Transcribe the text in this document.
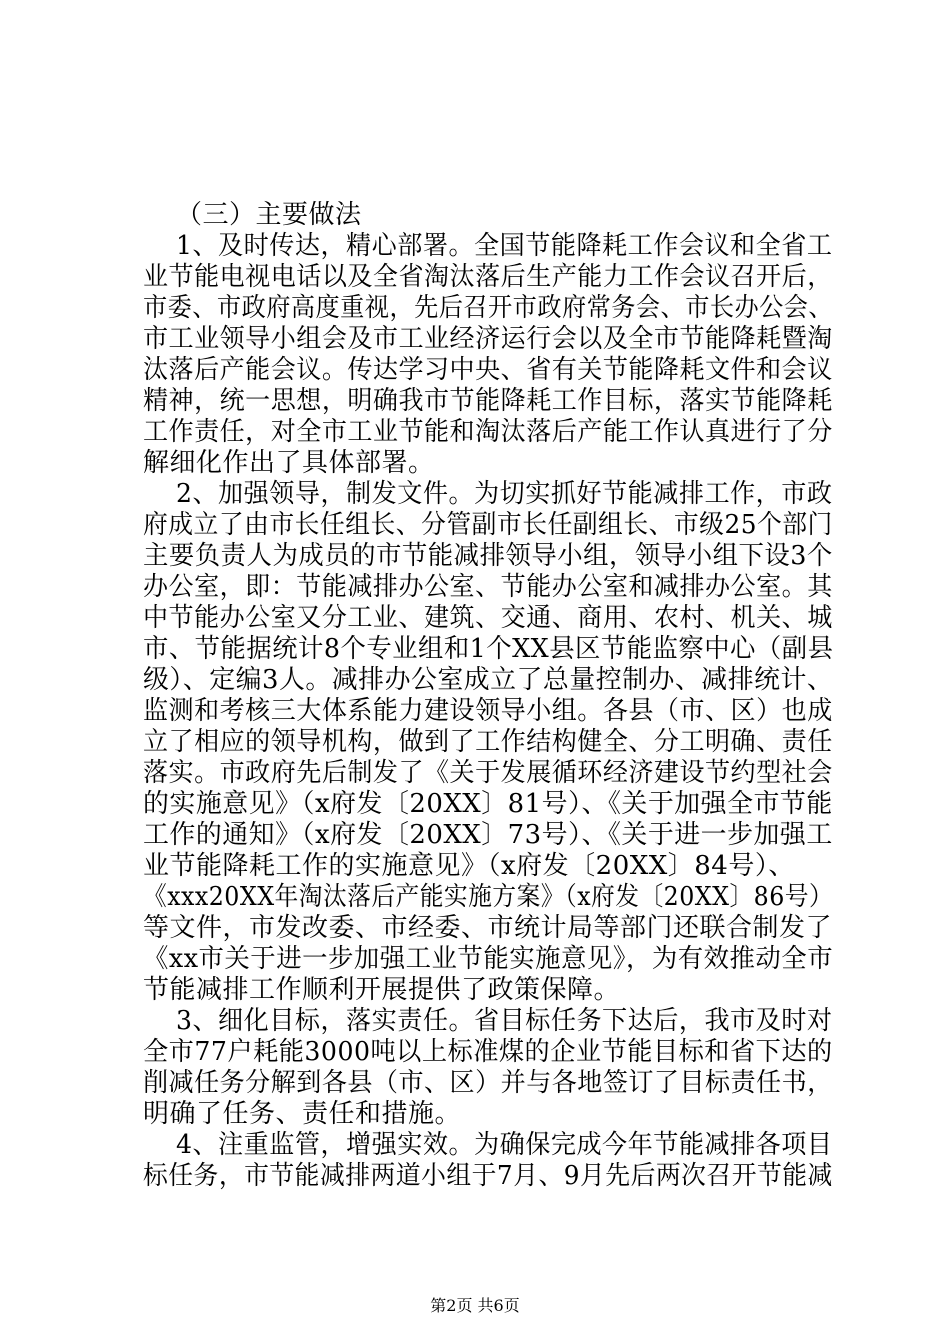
（三）主要做法
1、及时传达，精心部署。全国节能降耗工作会议和全省工
业节能电视电话以及全省淘汰落后生产能力工作会议召开后，
市委、市政府高度重视，先后召开市政府常务会、市长办公会、
市工业领导小组会及市工业经济运行会以及全市节能降耗暨淘
汰落后产能会议。传达学习中央、省有关节能降耗文件和会议
精神，统一思想，明确我市节能降耗工作目标，落实节能降耗
工作责任，对全市工业节能和淘汰落后产能工作认真进行了分
解细化作出了具体部署。
2、加强领导，制发文件。为切实抓好节能减排工作，市政
府成立了由市长任组长、分管副市长任副组长、市级25个部门
主要负责人为成员的市节能减排领导小组，领导小组下设3个
办公室，即：节能减排办公室、节能办公室和减排办公室。其
中节能办公室又分工业、建筑、交通、商用、农村、机关、城
市、节能据统计8个专业组和1个XX县区节能监察中心（副县
级）、定编3人。减排办公室成立了总量控制办、减排统计、
监测和考核三大体系能力建设领导小组。各县（市、区）也成
立了相应的领导机构，做到了工作结构健全、分工明确、责任
落实。市政府先后制发了《关于发展循环经济建设节约型社会
的实施意见》（x府发〔20XX〕81号）、《关于加强全市节能
工作的通知》（x府发〔20XX〕73号）、《关于进一步加强工
业节能降耗工作的实施意见》（x府发〔20XX〕84号）、
《xxx20XX年淘汰落后产能实施方案》（x府发〔20XX〕86号）
等文件，市发改委、市经委、市统计局等部门还联合制发了
《xx市关于进一步加强工业节能实施意见》，为有效推动全市
节能减排工作顺利开展提供了政策保障。
3、细化目标，落实责任。省目标任务下达后，我市及时对
全市77户耗能3000吨以上标准煤的企业节能目标和省下达的
削减任务分解到各县（市、区）并与各地签订了目标责任书，
明确了任务、责任和措施。
4、注重监管，增强实效。为确保完成今年节能减排各项目
标任务，市节能减排两道小组于7月、9月先后两次召开节能减
第2页 共6页
